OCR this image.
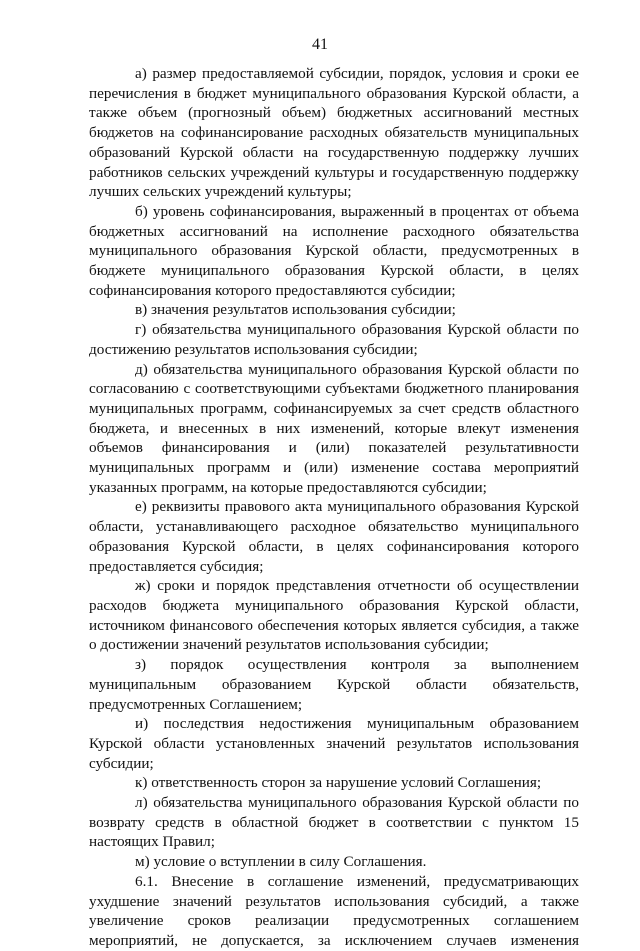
41

а) размер предоставляемой субсидии, порядок, условия и сроки ее перечисления в бюджет муниципального образования Курской области, а также объем (прогнозный объем) бюджетных ассигнований местных бюджетов на софинансирование расходных обязательств муниципальных образований Курской области на государственную поддержку лучших работников сельских учреждений культуры и государственную поддержку лучших сельских учреждений культуры;

б) уровень софинансирования, выраженный в процентах от объема бюджетных ассигнований на исполнение расходного обязательства муниципального образования Курской области, предусмотренных в бюджете муниципального образования Курской области, в целях софинансирования которого предоставляются субсидии;

в) значения результатов использования субсидии;

г) обязательства муниципального образования Курской области по достижению результатов использования субсидии;

д) обязательства муниципального образования Курской области по согласованию с соответствующими субъектами бюджетного планирования муниципальных программ, софинансируемых за счет средств областного бюджета, и внесенных в них изменений, которые влекут изменения объемов финансирования и (или) показателей результативности муниципальных программ и (или) изменение состава мероприятий указанных программ, на которые предоставляются субсидии;

е) реквизиты правового акта муниципального образования Курской области, устанавливающего расходное обязательство муниципального образования Курской области, в целях софинансирования которого предоставляется субсидия;

ж) сроки и порядок представления отчетности об осуществлении расходов бюджета муниципального образования Курской области, источником финансового обеспечения которых является субсидия, а также о достижении значений результатов использования субсидии;

з) порядок осуществления контроля за выполнением муниципальным образованием Курской области обязательств, предусмотренных Соглашением;

и) последствия недостижения муниципальным образованием Курской области установленных значений результатов использования субсидии;

к) ответственность сторон за нарушение условий Соглашения;

л) обязательства муниципального образования Курской области по возврату средств в областной бюджет в соответствии с пунктом 15 настоящих Правил;

м) условие о вступлении в силу Соглашения.

6.1. Внесение в соглашение изменений, предусматривающих ухудшение значений результатов использования субсидий, а также увеличение сроков реализации предусмотренных соглашением мероприятий, не допускается, за исключением случаев изменения
